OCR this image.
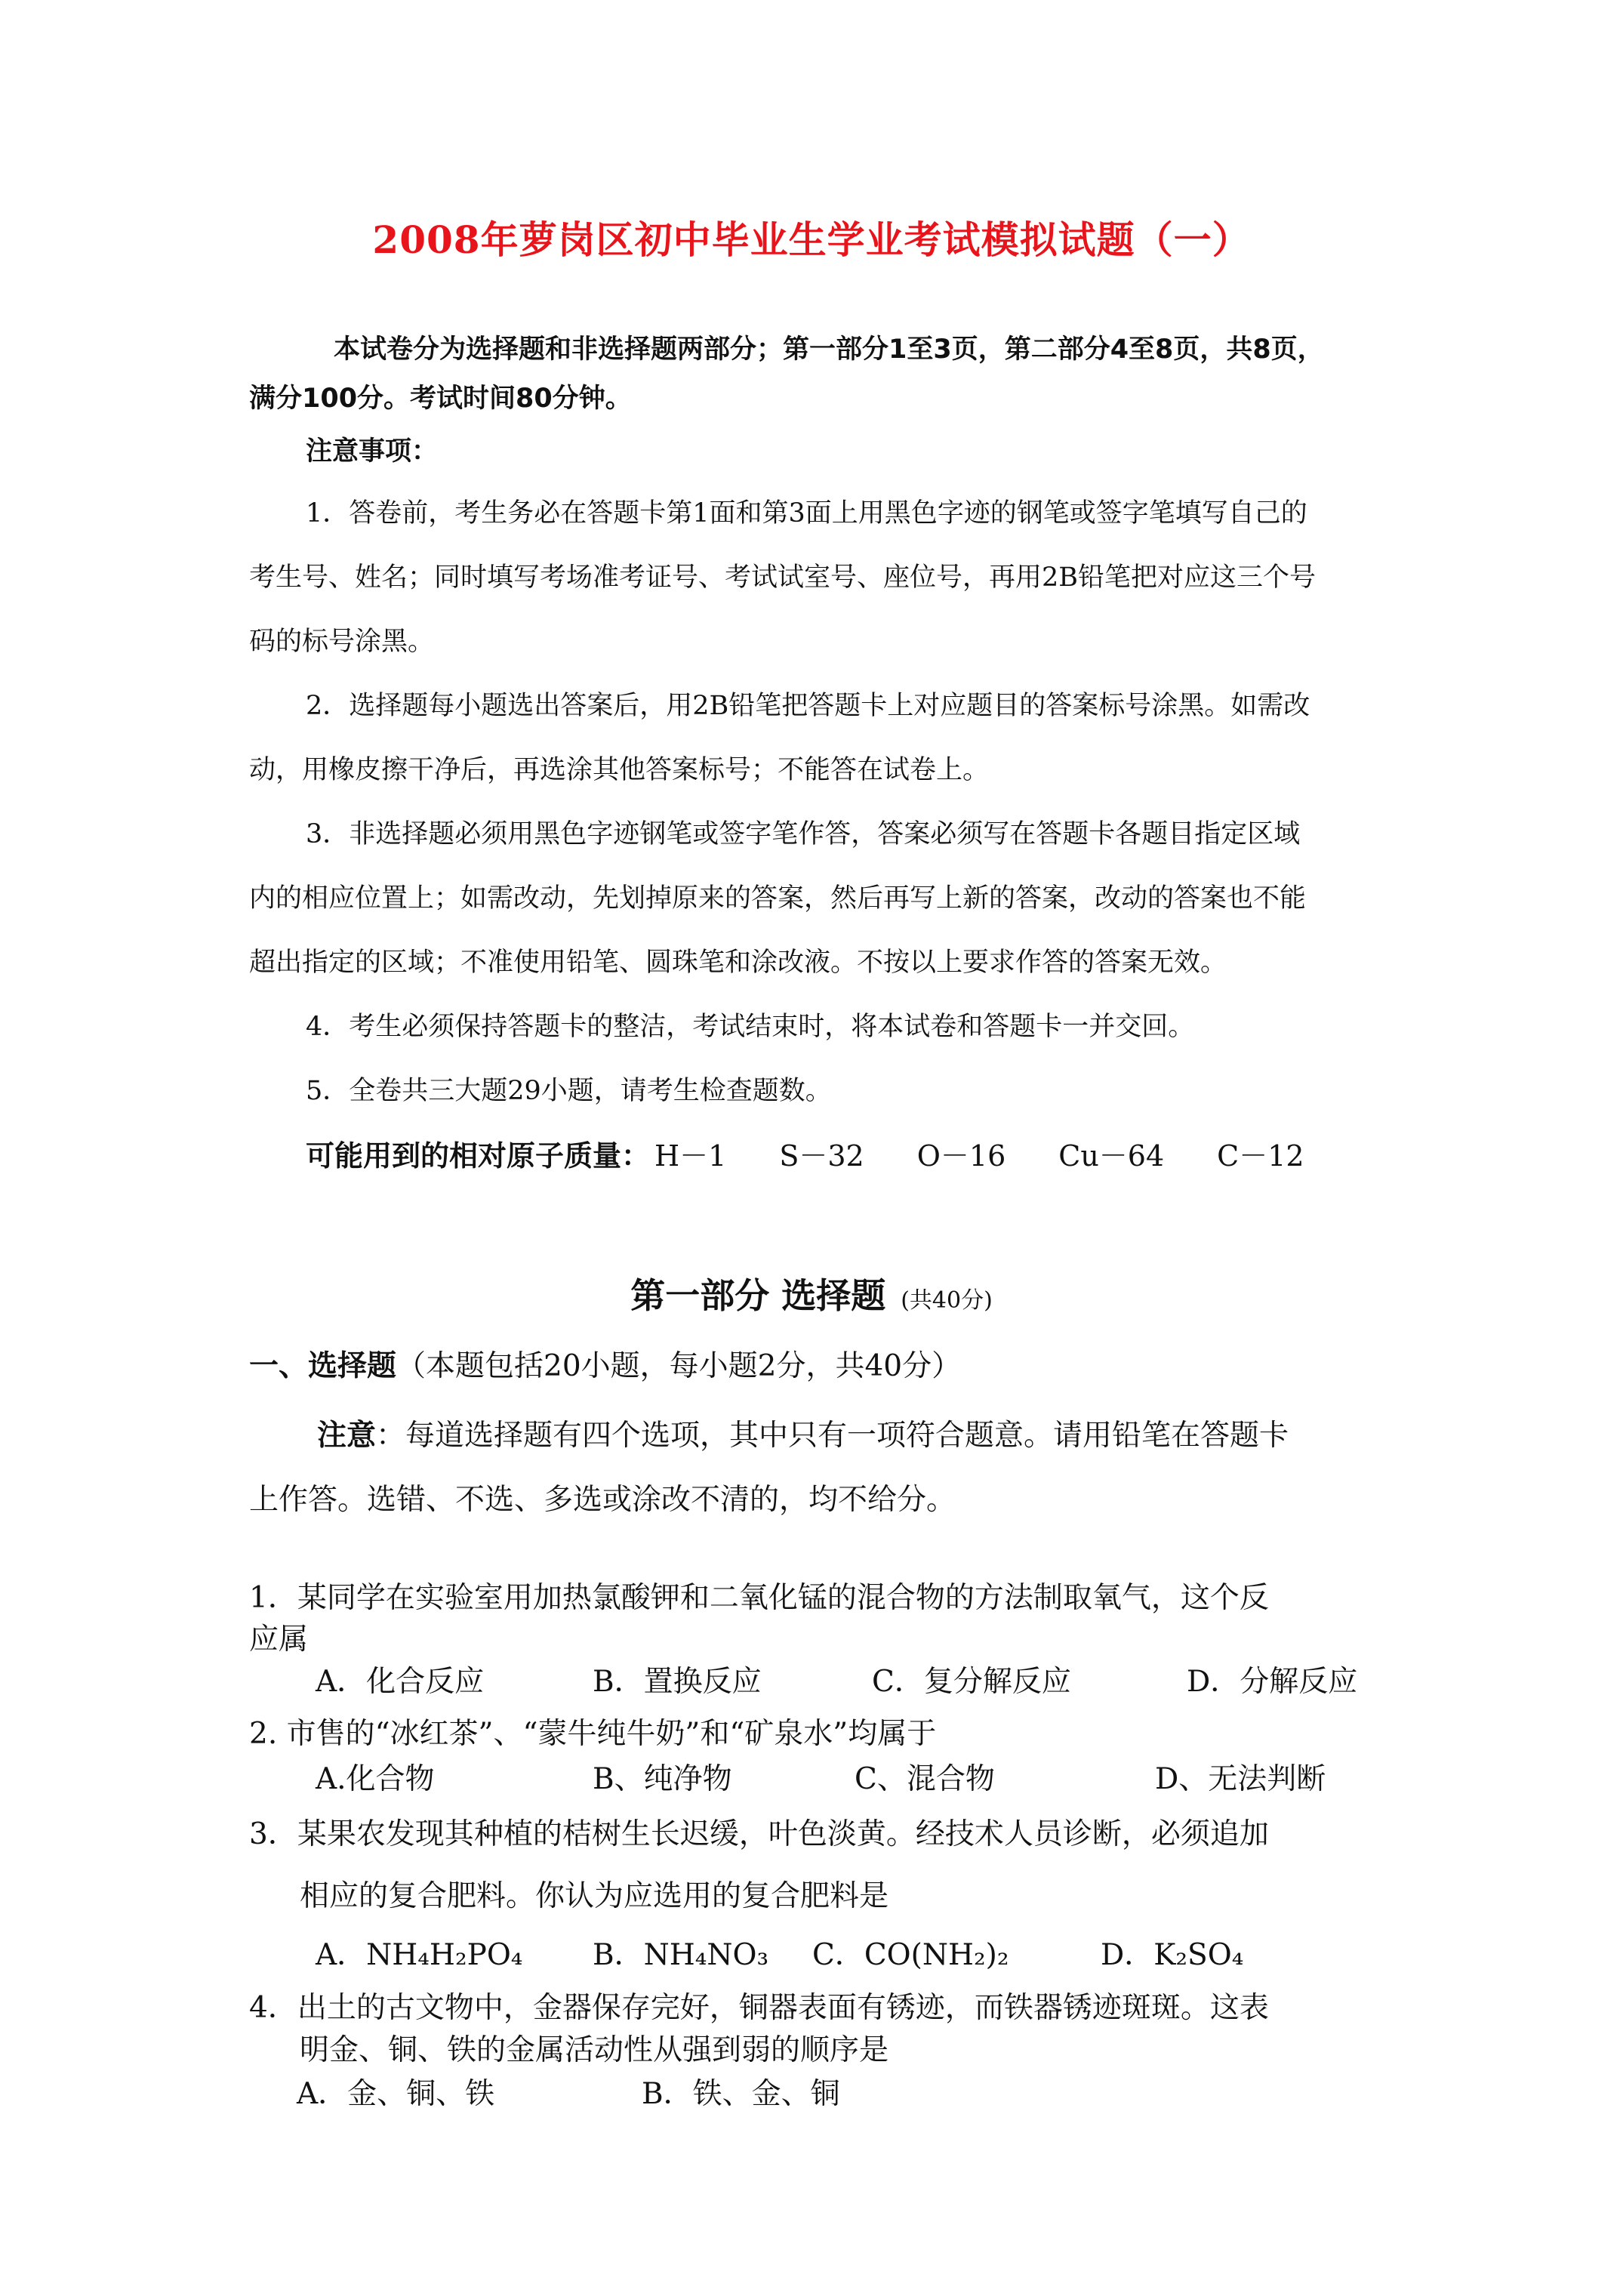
2008年萝岗区初中毕业生学业考试模拟试题（一）
本试卷分为选择题和非选择题两部分；第一部分1至3页，第二部分4至8页，共8页，
满分100分。考试时间80分钟。
注意事项：
1．答卷前，考生务必在答题卡第1面和第3面上用黑色字迹的钢笔或签字笔填写自己的
考生号、姓名；同时填写考场准考证号、考试试室号、座位号，再用2B铅笔把对应这三个号
码的标号涂黑。
2．选择题每小题选出答案后，用2B铅笔把答题卡上对应题目的答案标号涂黑。如需改
动，用橡皮擦干净后，再选涂其他答案标号；不能答在试卷上。
3．非选择题必须用黑色字迹钢笔或签字笔作答，答案必须写在答题卡各题目指定区域
内的相应位置上；如需改动，先划掉原来的答案，然后再写上新的答案，改动的答案也不能
超出指定的区域；不准使用铅笔、圆珠笔和涂改液。不按以上要求作答的答案无效。
4．考生必须保持答题卡的整洁，考试结束时，将本试卷和答题卡一并交回。
5．全卷共三大题29小题，请考生检查题数。
可能用到的相对原子质量： H－1 S－32 O－16 Cu－64 C－12
第一部分 选择题 (共40分)
一、选择题（本题包括20小题，每小题2分，共40分）
注意：每道选择题有四个选项，其中只有一项符合题意。请用铅笔在答题卡
上作答。选错、不选、多选或涂改不清的，均不给分。
1．某同学在实验室用加热氯酸钾和二氧化锰的混合物的方法制取氧气，这个反
应属
A．化合反应	B．置换反应	C．复分解反应	D．分解反应
2. 市售的“冰红茶”、“蒙牛纯牛奶”和“矿泉水”均属于
A.化合物	B、纯净物	C、混合物	D、无法判断
3．某果农发现其种植的桔树生长迟缓，叶色淡黄。经技术人员诊断，必须追加
相应的复合肥料。你认为应选用的复合肥料是
A．NH₄H₂PO₄ B．NH₄NO₃ C．CO(NH₂)₂	D．K₂SO₄
4．出土的古文物中，金器保存完好，铜器表面有锈迹，而铁器锈迹斑斑。这表
明金、铜、铁的金属活动性从强到弱的顺序是
A．金、铜、铁	B．铁、金、铜
